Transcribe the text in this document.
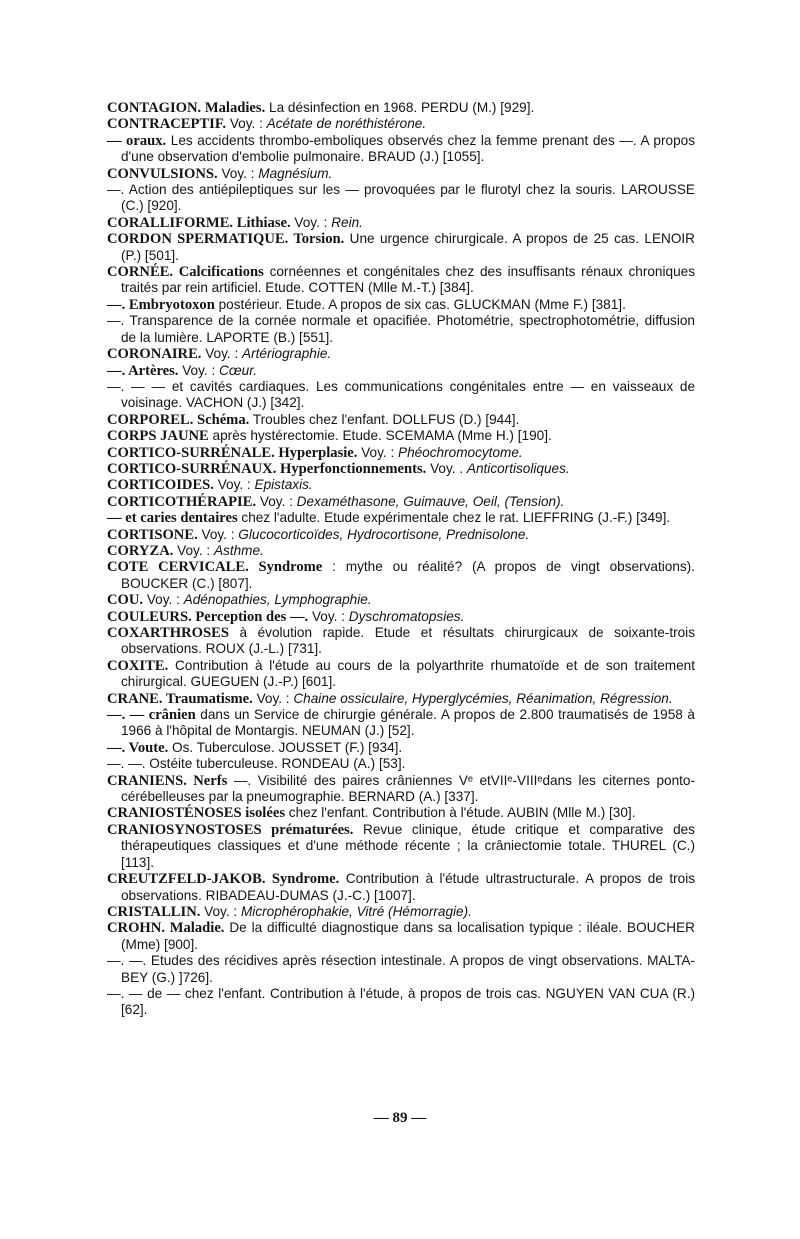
CONTAGION. Maladies. La désinfection en 1968. PERDU (M.) [929].

CONTRACEPTIF. Voy. : Acétate de noréthistérone.

— oraux. Les accidents thrombo-emboliques observés chez la femme prenant des —. A propos d'une observation d'embolie pulmonaire. BRAUD (J.) [1055].

CONVULSIONS. Voy. : Magnésium.

—. Action des antiépileptiques sur les — provoquées par le flurotyl chez la souris. LAROUSSE (C.) [920].

CORALLIFORME. Lithiase. Voy. : Rein.

CORDON SPERMATIQUE. Torsion. Une urgence chirurgicale. A propos de 25 cas. LENOIR (P.) [501].

CORNÉE. Calcifications cornéennes et congénitales chez des insuffisants rénaux chroniques traités par rein artificiel. Etude. COTTEN (Mlle M.-T.) [384].

—. Embryotoxon postérieur. Etude. A propos de six cas. GLUCKMAN (Mme F.) [381].

—. Transparence de la cornée normale et opacifiée. Photométrie, spectrophotométrie, diffusion de la lumière. LAPORTE (B.) [551].

CORONAIRE. Voy. : Artériographie.

—. Artères. Voy. : Cœur.

—. — — et cavités cardiaques. Les communications congénitales entre — en vaisseaux de voisinage. VACHON (J.) [342].

CORPOREL. Schéma. Troubles chez l'enfant. DOLLFUS (D.) [944].

CORPS JAUNE après hystérectomie. Etude. SCEMAMA (Mme H.) [190].

CORTICO-SURRÉNALE. Hyperplasie. Voy. : Phéochromocytome.

CORTICO-SURRÉNAUX. Hyperfonctionnements. Voy. . Anticortisoliques.

CORTICOIDES. Voy. : Epistaxis.

CORTICOTHÉRAPIE. Voy. : Dexaméthasone, Guimauve, Oeil, (Tension).

— et caries dentaires chez l'adulte. Etude expérimentale chez le rat. LIEFFRING (J.-F.) [349].

CORTISONE. Voy. : Glucocorticoïdes, Hydrocortisone, Prednisolone.

CORYZA. Voy. : Asthme.

COTE CERVICALE. Syndrome : mythe ou réalité? (A propos de vingt observations). BOUCKER (C.) [807].

COU. Voy. : Adénopathies, Lymphographie.

COULEURS. Perception des —. Voy. : Dyschromatopsies.

COXARTHROSES à évolution rapide. Etude et résultats chirurgicaux de soixante-trois observations. ROUX (J.-L.) [731].

COXITE. Contribution à l'étude au cours de la polyarthrite rhumatoïde et de son traitement chirurgical. GUEGUEN (J.-P.) [601].

CRANE. Traumatisme. Voy. : Chaine ossiculaire, Hyperglycémies, Réanimation, Régression.

—. — crânien dans un Service de chirurgie générale. A propos de 2.800 traumatisés de 1958 à 1966 à l'hôpital de Montargis. NEUMAN (J.) [52].

—. Voute. Os. Tuberculose. JOUSSET (F.) [934].

—. —. Ostéite tuberculeuse. RONDEAU (A.) [53].

CRANIENS. Nerfs —. Visibilité des paires crâniennes Vᵉ etVIIᵉ-VIIIᵉdans les citernes ponto-cérébelleuses par la pneumographie. BERNARD (A.) [337].

CRANIOSTÉNOSES isolées chez l'enfant. Contribution à l'étude. AUBIN (Mlle M.) [30].

CRANIOSYNOSTOSES prématurées. Revue clinique, étude critique et comparative des thérapeutiques classiques et d'une méthode récente ; la crâniectomie totale. THUREL (C.) [113].

CREUTZFELD-JAKOB. Syndrome. Contribution à l'étude ultrastructurale. A propos de trois observations. RIBADEAU-DUMAS (J.-C.) [1007].

CRISTALLIN. Voy. : Microphérophakie, Vitré (Hémorragie).

CROHN. Maladie. De la difficulté diagnostique dans sa localisation typique : iléale. BOUCHER (Mme) [900].

—. —. Etudes des récidives après résection intestinale. A propos de vingt observations. MALTA-BEY (G.) ]726].

—. — de — chez l'enfant. Contribution à l'étude, à propos de trois cas. NGUYEN VAN CUA (R.) [62].

— 89 —
